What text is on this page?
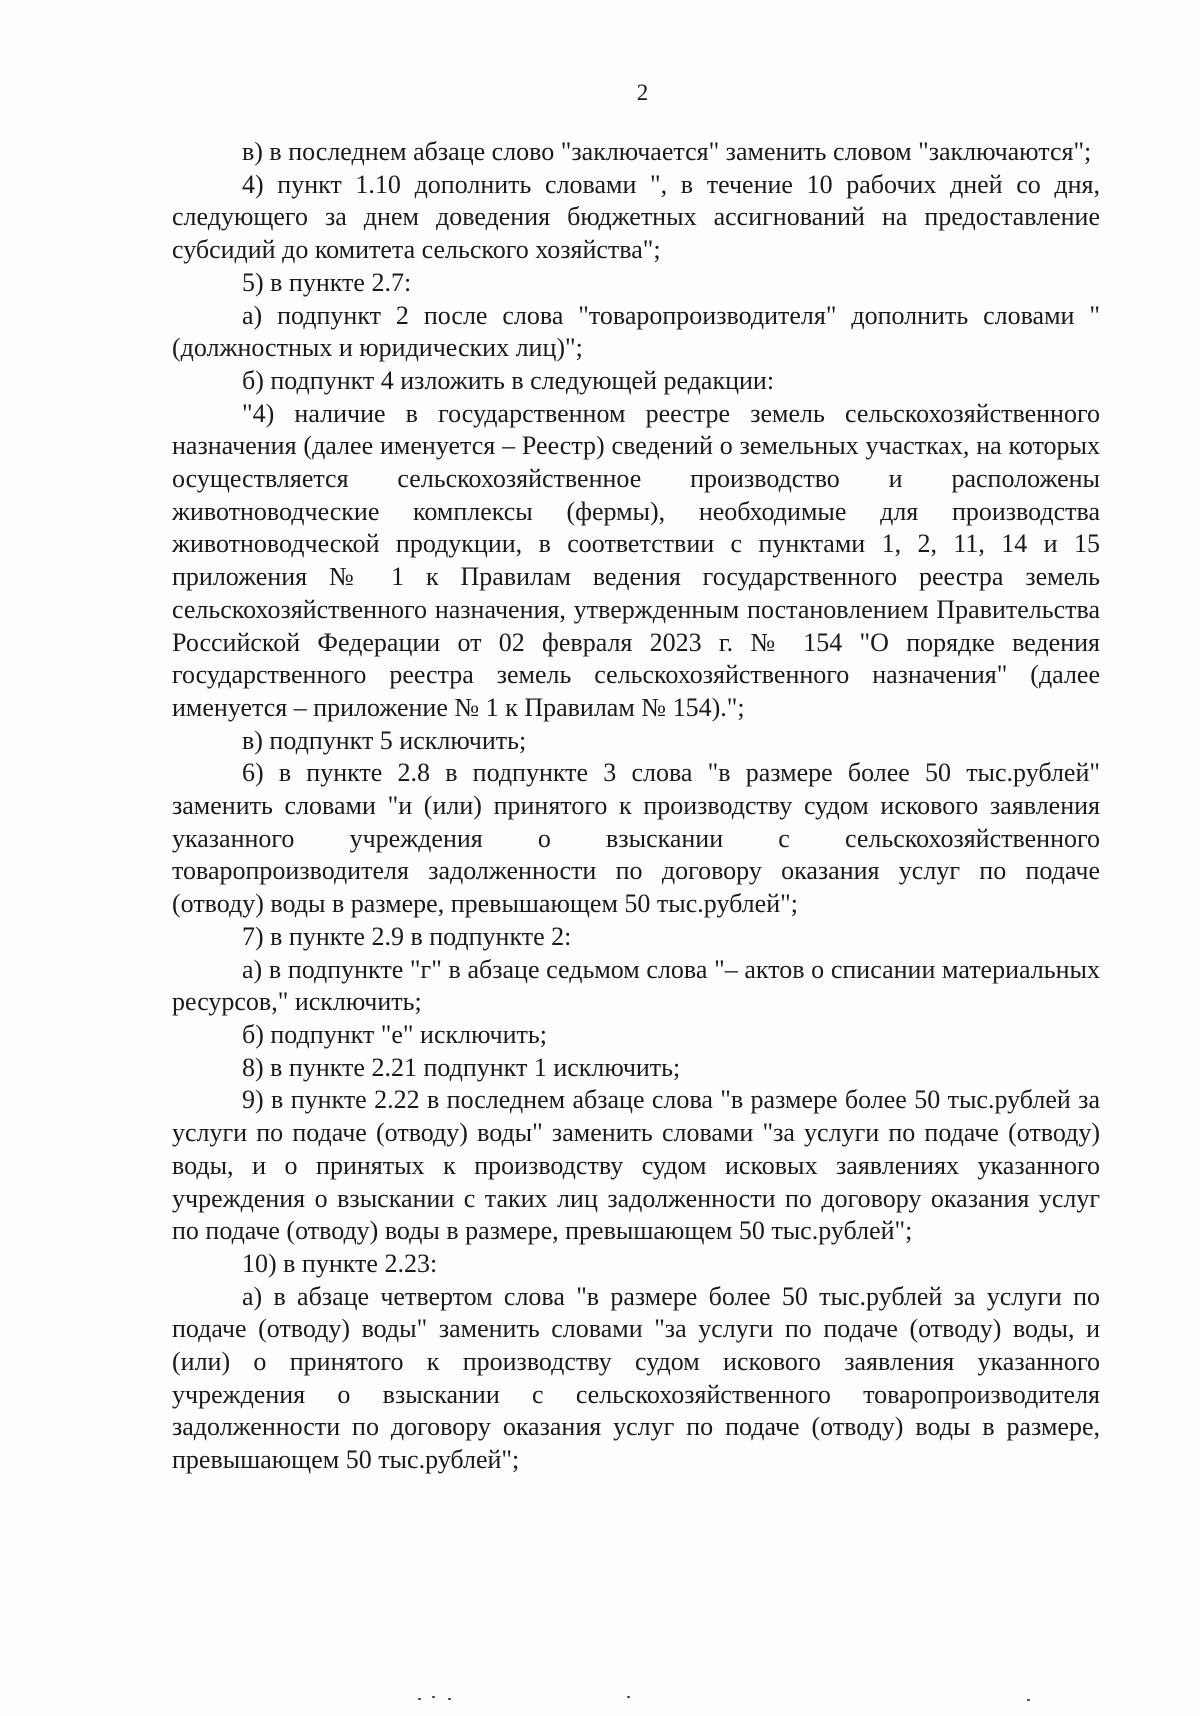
2

в) в последнем абзаце слово "заключается" заменить словом "заключаются";

4) пункт 1.10 дополнить словами ", в течение 10 рабочих дней со дня, следующего за днем доведения бюджетных ассигнований на предоставление субсидий до комитета сельского хозяйства";

5) в пункте 2.7:

а) подпункт 2 после слова "товаропроизводителя" дополнить словами "(должностных и юридических лиц)";

б) подпункт 4 изложить в следующей редакции:

"4) наличие в государственном реестре земель сельскохозяйственного назначения (далее именуется – Реестр) сведений о земельных участках, на которых осуществляется сельскохозяйственное производство и расположены животноводческие комплексы (фермы), необходимые для производства животноводческой продукции, в соответствии с пунктами 1, 2, 11, 14 и 15 приложения № 1 к Правилам ведения государственного реестра земель сельскохозяйственного назначения, утвержденным постановлением Правительства Российской Федерации от 02 февраля 2023 г. № 154 "О порядке ведения государственного реестра земель сельскохозяйственного назначения" (далее именуется – приложение № 1 к Правилам № 154).";

в) подпункт 5 исключить;

6) в пункте 2.8 в подпункте 3 слова "в размере более 50 тыс.рублей" заменить словами "и (или) принятого к производству судом искового заявления указанного учреждения о взыскании с сельскохозяйственного товаропроизводителя задолженности по договору оказания услуг по подаче (отводу) воды в размере, превышающем 50 тыс.рублей";

7) в пункте 2.9 в подпункте 2:

а) в подпункте "г" в абзаце седьмом слова "– актов о списании материальных ресурсов," исключить;

б) подпункт "е" исключить;

8) в пункте 2.21 подпункт 1 исключить;

9) в пункте 2.22 в последнем абзаце слова "в размере более 50 тыс.рублей за услуги по подаче (отводу) воды" заменить словами "за услуги по подаче (отводу) воды, и о принятых к производству судом исковых заявлениях указанного учреждения о взыскании с таких лиц задолженности по договору оказания услуг по подаче (отводу) воды в размере, превышающем 50 тыс.рублей";

10) в пункте 2.23:

а) в абзаце четвертом слова "в размере более 50 тыс.рублей за услуги по подаче (отводу) воды" заменить словами "за услуги по подаче (отводу) воды, и (или) о принятого к производству судом искового заявления указанного учреждения о взыскании с сельскохозяйственного товаропроизводителя задолженности по договору оказания услуг по подаче (отводу) воды в размере, превышающем 50 тыс.рублей";
